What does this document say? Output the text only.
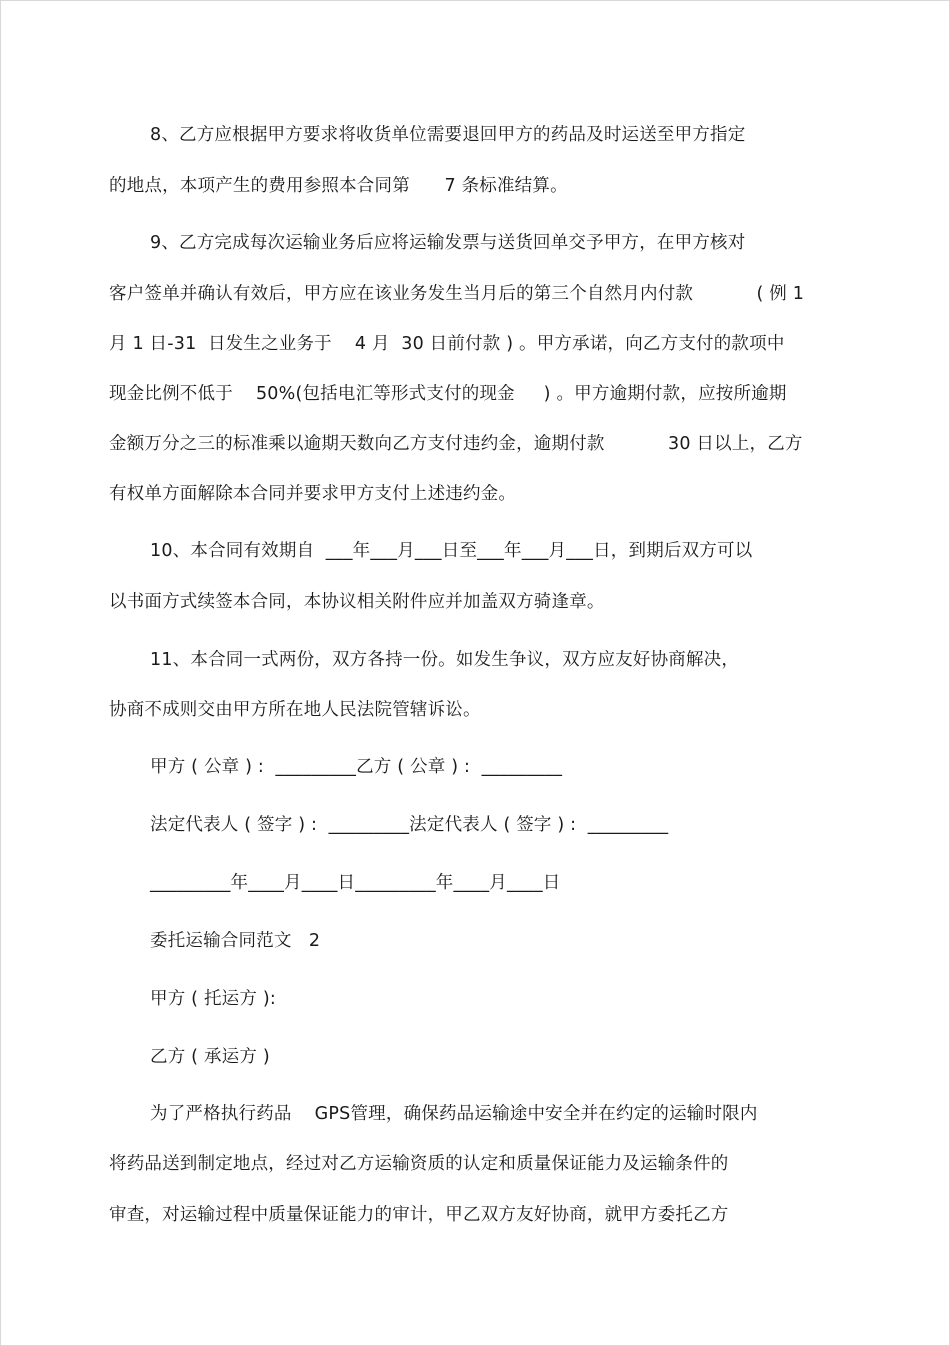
8、乙方应根据甲方要求将收货单位需要退回甲方的药品及时运送至甲方指定
的地点，本项产生的费用参照本合同第      7 条标准结算。
9、乙方完成每次运输业务后应将运输发票与送货回单交予甲方，在甲方核对
客户签单并确认有效后，甲方应在该业务发生当月后的第三个自然月内付款           ( 例 1
月 1 日-31  日发生之业务于    4 月  30 日前付款 ) 。甲方承诺，向乙方支付的款项中
现金比例不低于    50%(包括电汇等形式支付的现金     ) 。甲方逾期付款，应按所逾期
金额万分之三的标准乘以逾期天数向乙方支付违约金，逾期付款           30 日以上，乙方
有权单方面解除本合同并要求甲方支付上述违约金。
10、本合同有效期自  ___年___月___日至___年___月___日，到期后双方可以
以书面方式续签本合同，本协议相关附件应并加盖双方骑逢章。
11、本合同一式两份，双方各持一份。如发生争议，双方应友好协商解决，
协商不成则交由甲方所在地人民法院管辖诉讼。
甲方 ( 公章 ) :  _________乙方 ( 公章 ) :  _________
法定代表人 ( 签字 ) :  _________法定代表人 ( 签字 ) :  _________
_________年____月____日_________年____月____日
委托运输合同范文   2
甲方 ( 托运方 ):
乙方 ( 承运方 )
为了严格执行药品    GPS管理，确保药品运输途中安全并在约定的运输时限内
将药品送到制定地点，经过对乙方运输资质的认定和质量保证能力及运输条件的
审查，对运输过程中质量保证能力的审计，甲乙双方友好协商，就甲方委托乙方
